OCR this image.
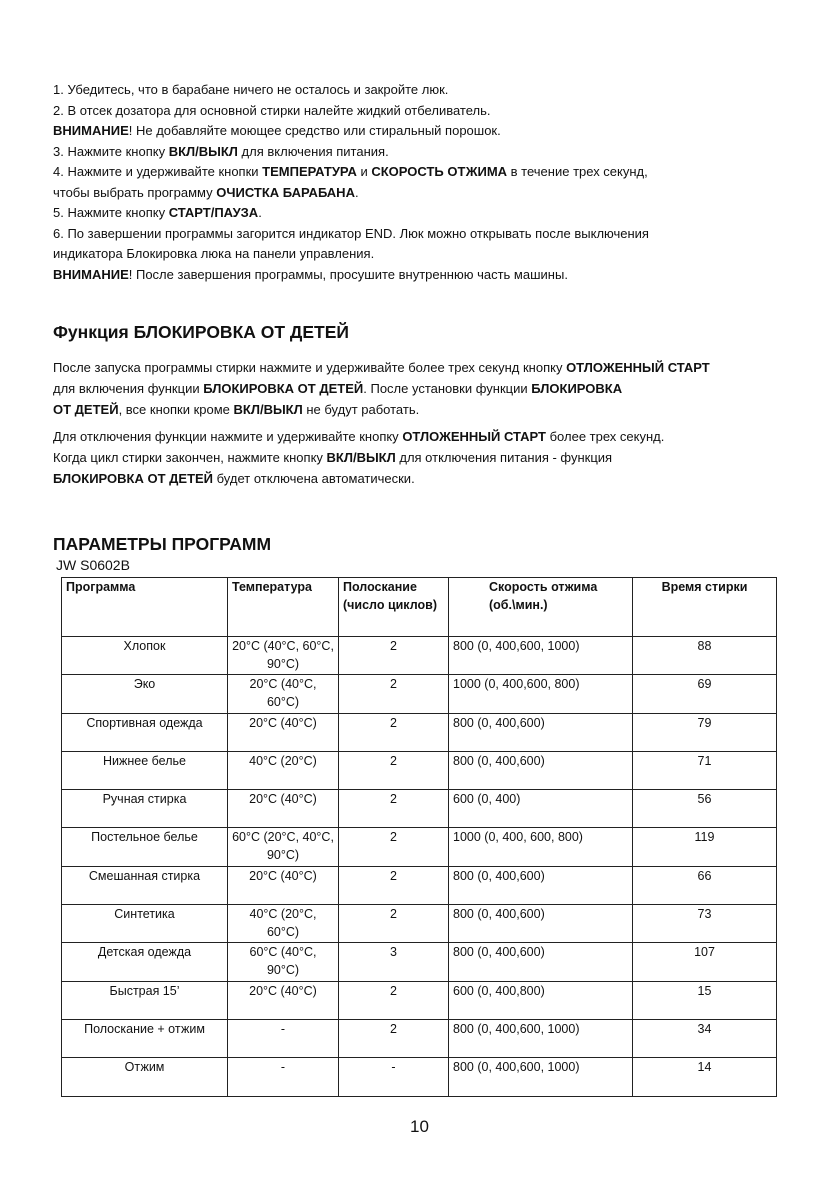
1. Убедитесь, что в барабане ничего не осталось и закройте люк.

2. В отсек дозатора для основной стирки налейте жидкий отбеливатель.

ВНИМАНИЕ! Не добавляйте моющее средство или стиральный порошок.

3. Нажмите кнопку ВКЛ/ВЫКЛ для включения питания.

4. Нажмите и удерживайте кнопки ТЕМПЕРАТУРА и СКОРОСТЬ ОТЖИМА в течение трех секунд,

чтобы выбрать программу ОЧИСТКА БАРАБАНА.

5. Нажмите кнопку СТАРТ/ПАУЗА.

6. По завершении программы загорится индикатор END. Люк можно открывать после выключения

индикатора Блокировка люка на панели управления.

ВНИМАНИЕ! После завершения программы, просушите внутреннюю часть машины.

Функция БЛОКИРОВКА ОТ ДЕТЕЙ

После запуска программы стирки нажмите и удерживайте более трех секунд кнопку ОТЛОЖЕННЫЙ СТАРТ
для включения функции БЛОКИРОВКА ОТ ДЕТЕЙ. После установки функции БЛОКИРОВКА
ОТ ДЕТЕЙ, все кнопки кроме ВКЛ/ВЫКЛ не будут работать.

Для отключения функции нажмите и удерживайте кнопку ОТЛОЖЕННЫЙ СТАРТ более трех секунд.
Когда цикл стирки закончен, нажмите кнопку ВКЛ/ВЫКЛ для отключения питания - функция
БЛОКИРОВКА ОТ ДЕТЕЙ будет отключена автоматически.

ПАРАМЕТРЫ ПРОГРАММ

JW S0602B

Программа	Температура	Полоскание (число циклов)	Скорость отжима (об.\мин.)	Время стирки
Хлопок	20°C (40°C, 60°C, 90°C)	2	800 (0, 400,600, 1000)	88
Эко	20°C (40°C, 60°C)	2	1000 (0, 400,600, 800)	69
Спортивная одежда	20°C (40°C)	2	800 (0, 400,600)	79
Нижнее белье	40°C (20°C)	2	800 (0, 400,600)	71
Ручная стирка	20°C (40°C)	2	600 (0, 400)	56
Постельное белье	60°C (20°C, 40°C, 90°C)	2	1000 (0, 400, 600, 800)	119
Смешанная стирка	20°C (40°C)	2	800 (0, 400,600)	66
Синтетика	40°C (20°C, 60°C)	2	800 (0, 400,600)	73
Детская одежда	60°C (40°C, 90°C)	3	800 (0, 400,600)	107
Быстрая 15’	20°C (40°C)	2	600 (0, 400,800)	15
Полоскание + отжим	-	2	800 (0, 400,600, 1000)	34
Отжим	-	-	800 (0, 400,600, 1000)	14

10
